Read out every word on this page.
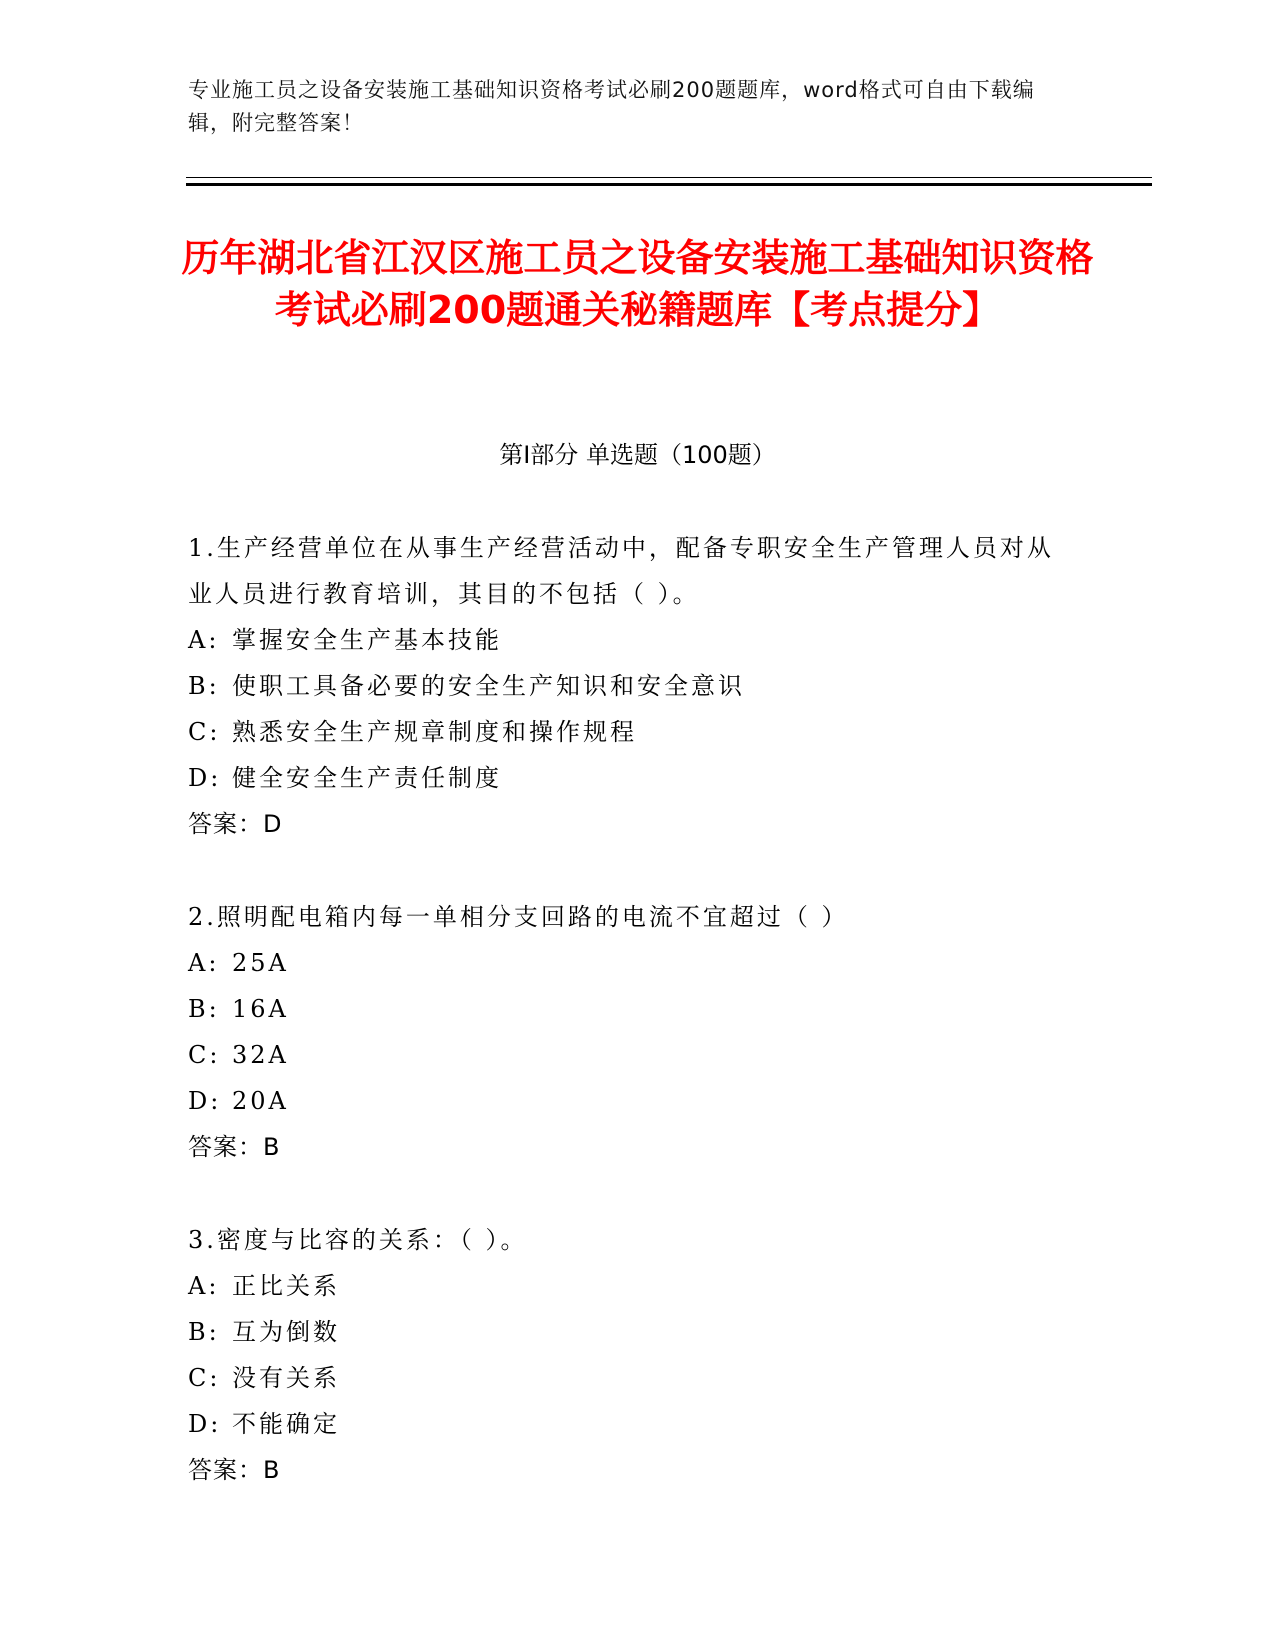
专业施工员之设备安装施工基础知识资格考试必刷200题题库，word格式可自由下载编辑，附完整答案！
历年湖北省江汉区施工员之设备安装施工基础知识资格考试必刷200题通关秘籍题库【考点提分】
第Ⅰ部分 单选题（100题）

1.生产经营单位在从事生产经营活动中，配备专职安全生产管理人员对从业人员进行教育培训，其目的不包括（ ）。

A: 掌握安全生产基本技能

B: 使职工具备必要的安全生产知识和安全意识

C: 熟悉安全生产规章制度和操作规程

D: 健全安全生产责任制度

答案：D

2.照明配电箱内每一单相分支回路的电流不宜超过（ ）

A: 25A

B: 16A

C: 32A

D: 20A

答案：B

3.密度与比容的关系：（ ）。

A: 正比关系

B: 互为倒数

C: 没有关系

D: 不能确定

答案：B
